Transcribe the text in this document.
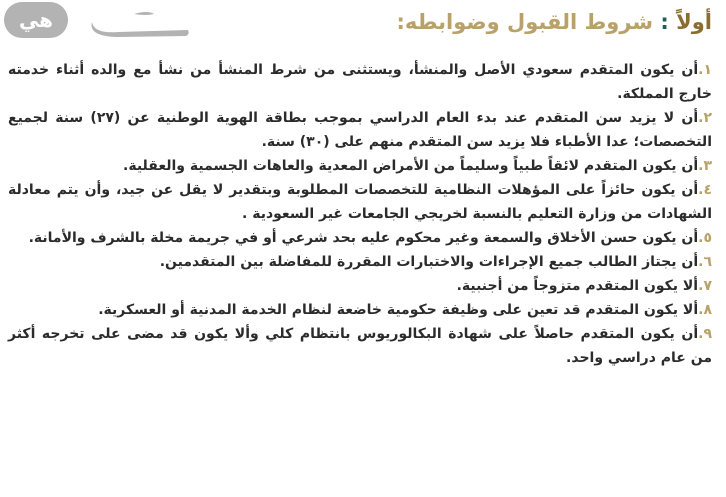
هي	أولاً : شروط القبول وضوابطه:
١.أن يكون المتقدم سعودي الأصل والمنشأ، ويستثنى من شرط المنشأ من نشأ مع والده أثناء خدمته خارج المملكة.
٢.أن لا يزيد سن المتقدم عند بدء العام الدراسي بموجب بطاقة الهوية الوطنية عن (٢٧) سنة لجميع التخصصات؛ عدا الأطباء فلا يزيد سن المتقدم منهم على (٣٠) سنة.
٣.أن يكون المتقدم لائقاً طبياً وسليماً من الأمراض المعدية والعاهات الجسمية والعقلية.
٤.أن يكون حائزاً على المؤهلات النظامية للتخصصات المطلوبة وبتقدير لا يقل عن جيد، وأن يتم معادلة الشهادات من وزارة التعليم بالنسبة لخريجي الجامعات غير السعودية .
٥.أن يكون حسن الأخلاق والسمعة وغير محكوم عليه بحد شرعي أو في جريمة مخلة بالشرف والأمانة.
٦.أن يجتاز الطالب جميع الإجراءات والاختبارات المقررة للمفاضلة بين المتقدمين.
٧.ألا يكون المتقدم متزوجاً من أجنبية.
٨.ألا يكون المتقدم قد تعين على وظيفة حكومية خاضعة لنظام الخدمة المدنية أو العسكرية.
٩.أن يكون المتقدم حاصلاً على شهادة البكالوريوس بانتظام كلي وألا يكون قد مضى على تخرجه أكثر من عام دراسي واحد.
